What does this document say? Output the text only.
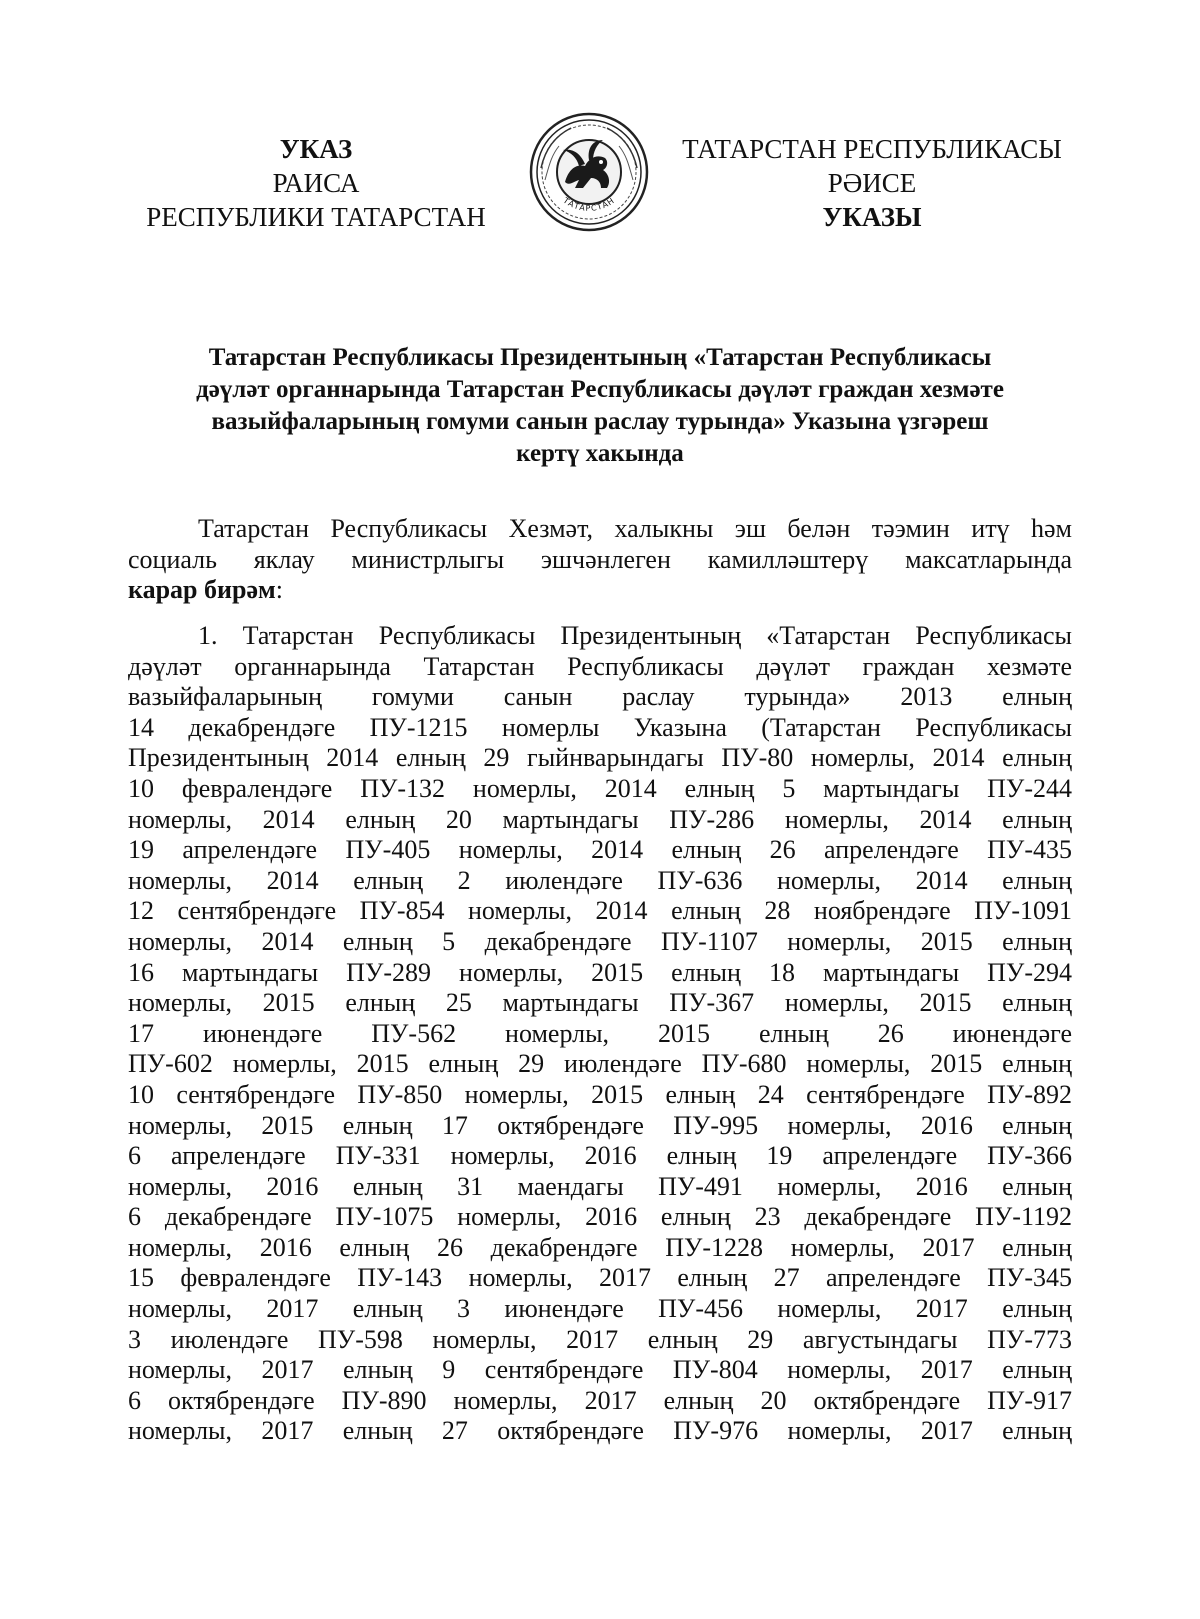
УКАЗ
РАИСА
РЕСПУБЛИКИ ТАТАРСТАН
ТАТАРСТАН
ТАТАРСТАН РЕСПУБЛИКАСЫ
РӘИСЕ
УКАЗЫ
Татарстан Республикасы Президентының «Татарстан Республикасы
дәүләт органнарында Татарстан Республикасы дәүләт граждан хезмәте
вазыйфаларының гомуми санын раслау турында» Указына үзгәреш
кертү хакында
Татарстан Республикасы Хезмәт, халыкны эш белән тәэмин итү һәм
социаль яклау министрлыгы эшчәнлеген камилләштерү максатларында
карар бирәм:
1. Татарстан Республикасы Президентының «Татарстан Республикасы
дәүләт органнарында Татарстан Республикасы дәүләт граждан хезмәте
вазыйфаларының гомуми санын раслау турында» 2013 елның
14 декабрендәге ПУ-1215 номерлы Указына (Татарстан Республикасы
Президентының 2014 елның 29 гыйнварындагы ПУ-80 номерлы, 2014 елның
10 февралендәге ПУ-132 номерлы, 2014 елның 5 мартындагы ПУ-244
номерлы, 2014 елның 20 мартындагы ПУ-286 номерлы, 2014 елның
19 апрелендәге ПУ-405 номерлы, 2014 елның 26 апрелендәге ПУ-435
номерлы, 2014 елның 2 июлендәге ПУ-636 номерлы, 2014 елның
12 сентябрендәге ПУ-854 номерлы, 2014 елның 28 ноябрендәге ПУ-1091
номерлы, 2014 елның 5 декабрендәге ПУ-1107 номерлы, 2015 елның
16 мартындагы ПУ-289 номерлы, 2015 елның 18 мартындагы ПУ-294
номерлы, 2015 елның 25 мартындагы ПУ-367 номерлы, 2015 елның
17 июнендәге ПУ-562 номерлы, 2015 елның 26 июнендәге
ПУ-602 номерлы, 2015 елның 29 июлендәге ПУ-680 номерлы, 2015 елның
10 сентябрендәге ПУ-850 номерлы, 2015 елның 24 сентябрендәге ПУ-892
номерлы, 2015 елның 17 октябрендәге ПУ-995 номерлы, 2016 елның
6 апрелендәге ПУ-331 номерлы, 2016 елның 19 апрелендәге ПУ-366
номерлы, 2016 елның 31 маендагы ПУ-491 номерлы, 2016 елның
6 декабрендәге ПУ-1075 номерлы, 2016 елның 23 декабрендәге ПУ-1192
номерлы, 2016 елның 26 декабрендәге ПУ-1228 номерлы, 2017 елның
15 февралендәге ПУ-143 номерлы, 2017 елның 27 апрелендәге ПУ-345
номерлы, 2017 елның 3 июнендәге ПУ-456 номерлы, 2017 елның
3 июлендәге ПУ-598 номерлы, 2017 елның 29 августындагы ПУ-773
номерлы, 2017 елның 9 сентябрендәге ПУ-804 номерлы, 2017 елның
6 октябрендәге ПУ-890 номерлы, 2017 елның 20 октябрендәге ПУ-917
номерлы, 2017 елның 27 октябрендәге ПУ-976 номерлы, 2017 елның
